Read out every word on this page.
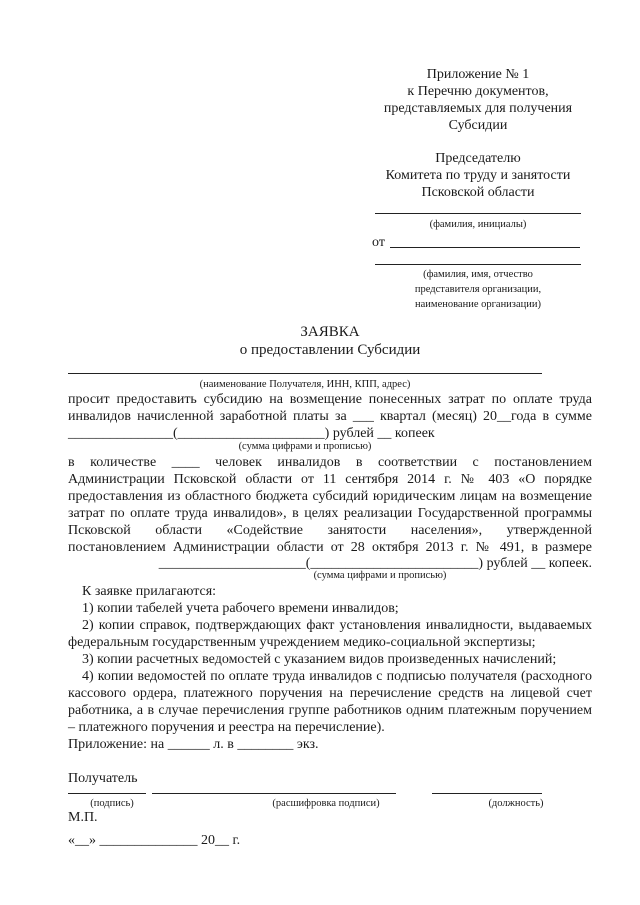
Приложение № 1
к Перечню документов,
представляемых для получения
Субсидии
Председателю
Комитета по труду и занятости
Псковской области
(фамилия, инициалы)
от
(фамилия, имя, отчество
представителя организации,
наименование организации)
ЗАЯВКА
о предоставлении Субсидии
(наименование Получателя, ИНН, КПП, адрес)
просит предоставить субсидию на возмещение понесенных затрат по оплате труда
инвалидов начисленной заработной платы за ___ квартал (месяц) 20__года в сумме
_______________(_____________________) рублей __ копеек
(сумма цифрами и прописью)
в количестве ____ человек инвалидов в соответствии с постановлением
Администрации Псковской области от 11 сентября 2014 г. № 403 «О порядке
предоставления из областного бюджета субсидий юридическим лицам на возмещение
затрат по оплате труда инвалидов», в целях реализации Государственной программы
Псковской области «Содействие занятости населения», утвержденной
постановлением Администрации области от 28 октября 2013 г. № 491, в размере
_____________________(________________________) рублей __ копеек.
(сумма цифрами и прописью)
К заявке прилагаются:
1) копии табелей учета рабочего времени инвалидов;
2) копии справок, подтверждающих факт установления инвалидности, выдаваемых
федеральным государственным учреждением медико-социальной экспертизы;
3) копии расчетных ведомостей с указанием видов произведенных начислений;
4) копии ведомостей по оплате труда инвалидов с подписью получателя (расходного
кассового ордера, платежного поручения на перечисление средств на лицевой счет
работника, а в случае перечисления группе работников одним платежным поручением
– платежного поручения и реестра на перечисление).
Приложение: на ______ л. в ________ экз.
Получатель
(подпись)	(расшифровка подписи)	(должность)
М.П.
«__» ______________ 20__ г.
